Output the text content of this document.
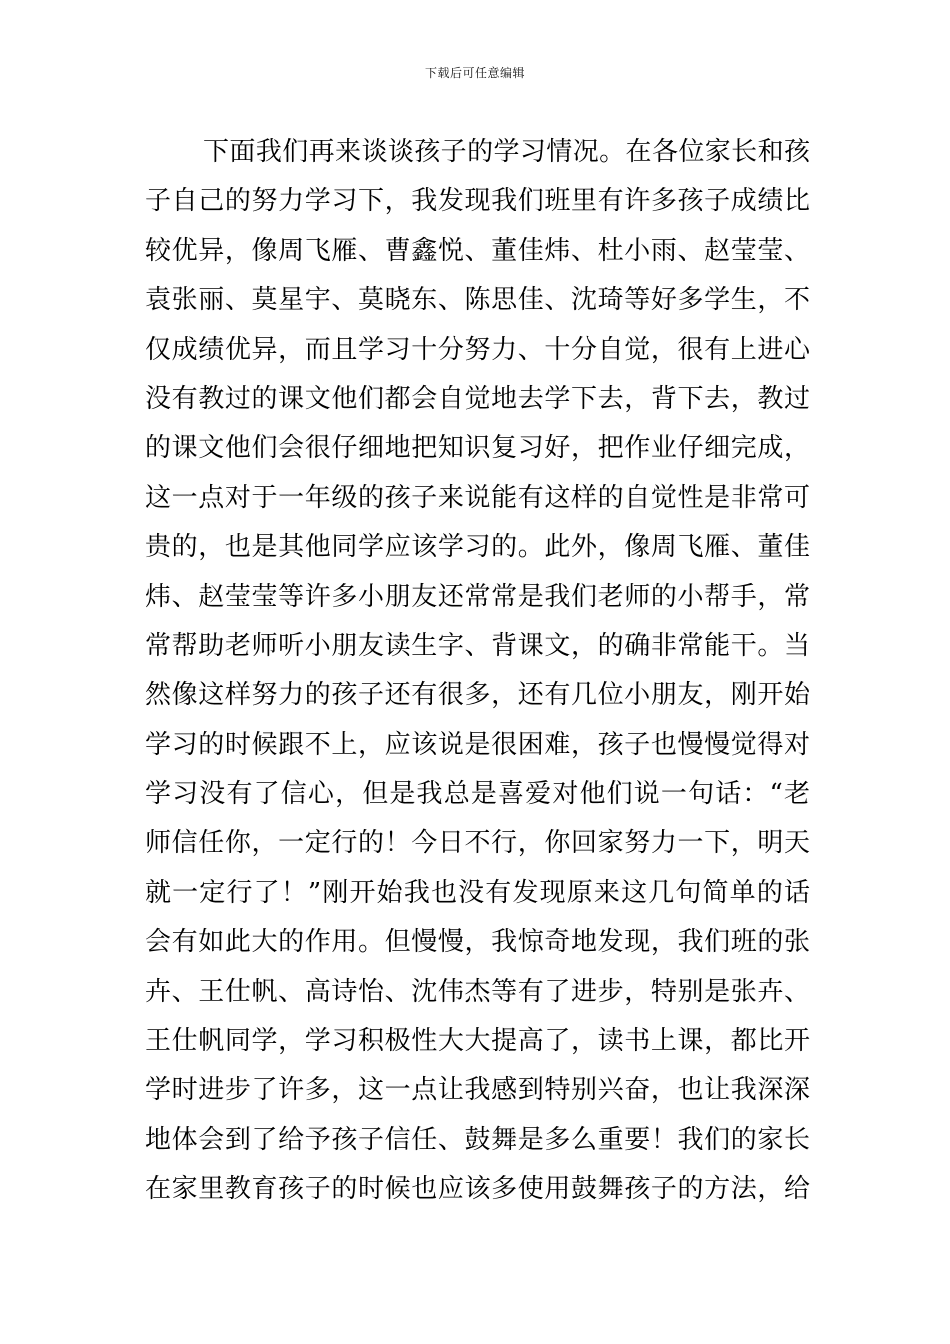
下载后可任意编辑
下面我们再来谈谈孩子的学习情况。在各位家长和孩
子自己的努力学习下，我发现我们班里有许多孩子成绩比
较优异，像周飞雁、曹鑫悦、董佳炜、杜小雨、赵莹莹、
袁张丽、莫星宇、莫晓东、陈思佳、沈琦等好多学生，不
仅成绩优异，而且学习十分努力、十分自觉，很有上进心
没有教过的课文他们都会自觉地去学下去，背下去，教过
的课文他们会很仔细地把知识复习好，把作业仔细完成，
这一点对于一年级的孩子来说能有这样的自觉性是非常可
贵的，也是其他同学应该学习的。此外，像周飞雁、董佳
炜、赵莹莹等许多小朋友还常常是我们老师的小帮手，常
常帮助老师听小朋友读生字、背课文，的确非常能干。当
然像这样努力的孩子还有很多，还有几位小朋友，刚开始
学习的时候跟不上，应该说是很困难，孩子也慢慢觉得对
学习没有了信心，但是我总是喜爱对他们说一句话：“老
师信任你，一定行的！今日不行，你回家努力一下，明天
就一定行了！”刚开始我也没有发现原来这几句简单的话
会有如此大的作用。但慢慢，我惊奇地发现，我们班的张
卉、王仕帆、高诗怡、沈伟杰等有了进步，特别是张卉、
王仕帆同学，学习积极性大大提高了，读书上课，都比开
学时进步了许多，这一点让我感到特别兴奋，也让我深深
地体会到了给予孩子信任、鼓舞是多么重要！我们的家长
在家里教育孩子的时候也应该多使用鼓舞孩子的方法，给
